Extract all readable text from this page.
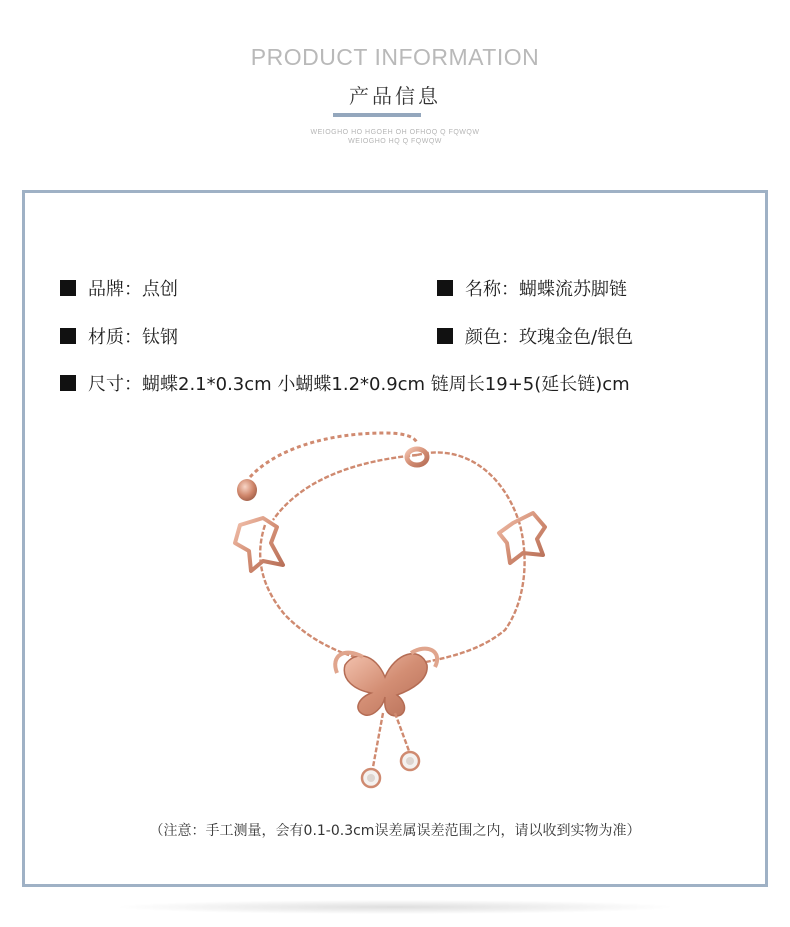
PRODUCT INFORMATION
产品信息
WEIOGHO HO HGOEH OH OFHOQ Q FQWQW
WEIOGHO HQ Q FQWQW
品牌：点创	名称：蝴蝶流苏脚链
材质：钛钢	颜色：玫瑰金色/银色
尺寸：蝴蝶2.1*0.3cm 小蝴蝶1.2*0.9cm 链周长19+5(延长链)cm
（注意：手工测量，会有0.1-0.3cm误差属误差范围之内，请以收到实物为准）
